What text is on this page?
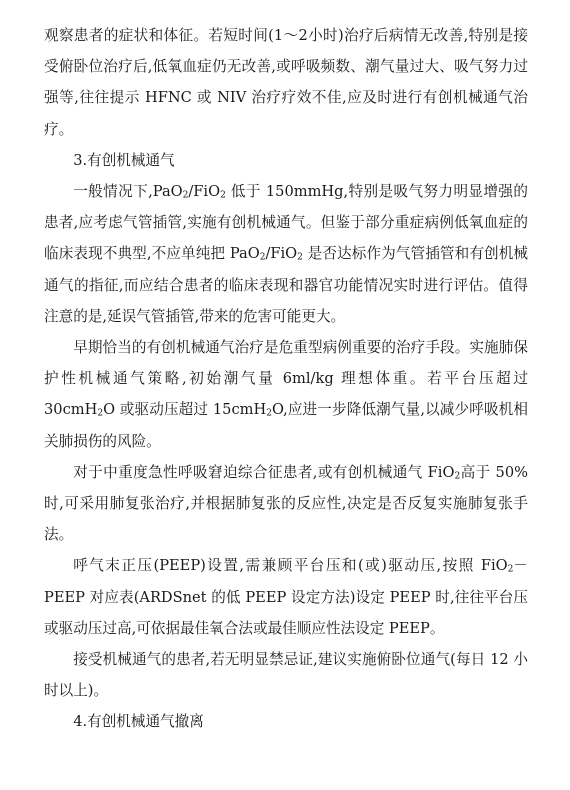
观察患者的症状和体征。若短时间(1～2小时)治疗后病情无改善,特别是接受俯卧位治疗后,低氧血症仍无改善,或呼吸频数、潮气量过大、吸气努力过强等,往往提示 HFNC 或 NIV 治疗疗效不佳,应及时进行有创机械通气治疗。

3.有创机械通气

一般情况下,PaO$_2$/FiO$_2$ 低于 150mmHg,特别是吸气努力明显增强的患者,应考虑气管插管,实施有创机械通气。但鉴于部分重症病例低氧血症的临床表现不典型,不应单纯把 PaO$_2$/FiO$_2$ 是否达标作为气管插管和有创机械通气的指征,而应结合患者的临床表现和器官功能情况实时进行评估。值得注意的是,延误气管插管,带来的危害可能更大。

早期恰当的有创机械通气治疗是危重型病例重要的治疗手段。实施肺保护性机械通气策略,初始潮气量 6ml/kg 理想体重。若平台压超过 30cmH$_2$O 或驱动压超过 15cmH$_2$O,应进一步降低潮气量,以减少呼吸机相关肺损伤的风险。

对于中重度急性呼吸窘迫综合征患者,或有创机械通气 FiO$_2$高于 50%时,可采用肺复张治疗,并根据肺复张的反应性,决定是否反复实施肺复张手法。

呼气末正压(PEEP)设置,需兼顾平台压和(或)驱动压,按照 FiO$_2$－PEEP 对应表(ARDSnet 的低 PEEP 设定方法)设定 PEEP 时,往往平台压或驱动压过高,可依据最佳氧合法或最佳顺应性法设定 PEEP。

接受机械通气的患者,若无明显禁忌证,建议实施俯卧位通气(每日 12 小时以上)。

4.有创机械通气撤离
